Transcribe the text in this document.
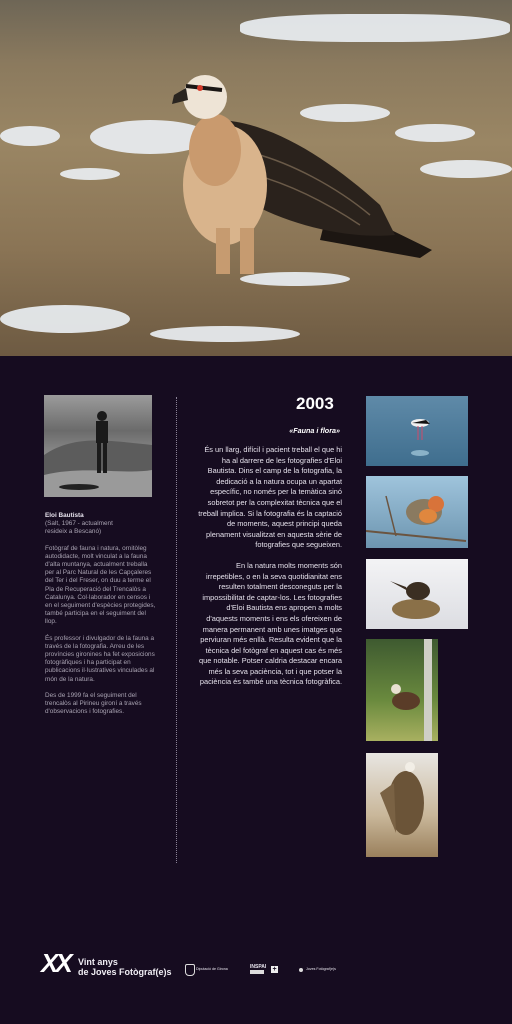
Eloi Bautista
(Salt, 1967 - actualment

resideix a Bescanó)

Fotògraf de fauna i natura, ornitòleg autodidacte, molt vinculat a la fauna d'alta muntanya, actualment treballa per al Parc Natural de les Capçaleres del Ter i del Freser, on duu a terme el Pla de Recuperació del Trencalòs a Catalunya. Col·laborador en censos i en el seguiment d'espècies protegides, també participa en el seguiment del llop.

És professor i divulgador de la fauna a través de la fotografia. Arreu de les províncies gironines ha fet exposicions fotogràfiques i ha participat en publicacions il·lustratives vinculades al món de la natura.

Des de 1999 fa el seguiment del trencalòs al Pirineu gironí a través d'observacions i fotografies.

2003
«Fauna i flora»

És un llarg, difícil i pacient treball el que hi ha al darrere de les fotografies d'Eloi Bautista. Dins el camp de la fotografia, la dedicació a la natura ocupa un apartat específic, no només per la temàtica sinó sobretot per la complexitat tècnica que el treball implica. Si la fotografia és la captació de moments, aquest principi queda plenament visualitzat en aquesta sèrie de fotografies que segueixen.

En la natura molts moments són irrepetibles, o en la seva quotidianitat ens resulten totalment desconeguts per la impossibilitat de captar-los. Les fotografies d'Eloi Bautista ens apropen a molts d'aquests moments i ens els ofereixen de manera permanent amb unes imatges que perviuran més enllà. Resulta evident que la tècnica del fotògraf en aquest cas és més que notable. Potser caldria destacar encara més la seva paciència, tot i que potser la paciència és també una tècnica fotogràfica.

XX Vint anys
de Joves Fotògraf(e)s	Diputació de Girona	INSPAI +	Joves Fotògraf(e)s
